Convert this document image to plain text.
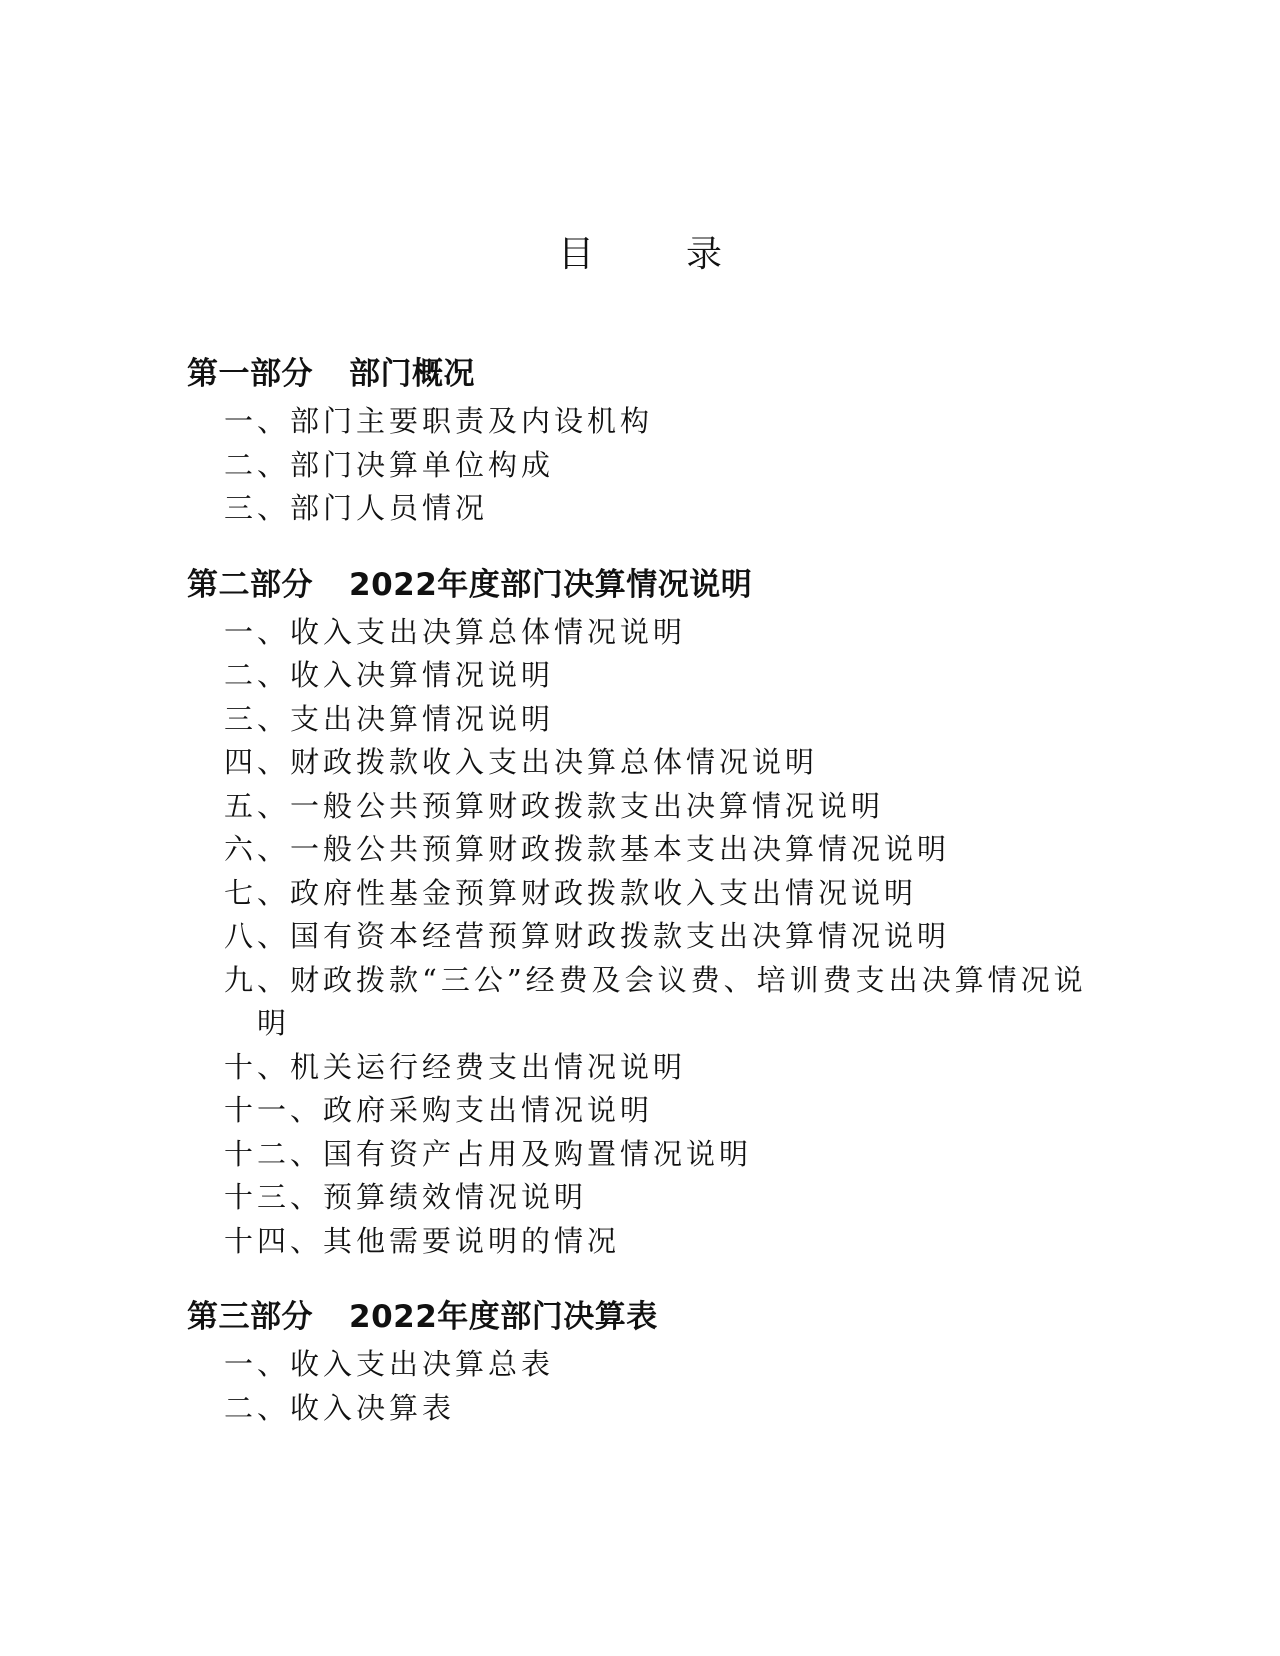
目　录
第一部分 部门概况
一、部门主要职责及内设机构
二、部门决算单位构成
三、部门人员情况
第二部分 2022年度部门决算情况说明
一、收入支出决算总体情况说明
二、收入决算情况说明
三、支出决算情况说明
四、财政拨款收入支出决算总体情况说明
五、一般公共预算财政拨款支出决算情况说明
六、一般公共预算财政拨款基本支出决算情况说明
七、政府性基金预算财政拨款收入支出情况说明
八、国有资本经营预算财政拨款支出决算情况说明
九、财政拨款“三公”经费及会议费、培训费支出决算情况说
明
十、机关运行经费支出情况说明
十一、政府采购支出情况说明
十二、国有资产占用及购置情况说明
十三、预算绩效情况说明
十四、其他需要说明的情况
第三部分 2022年度部门决算表
一、收入支出决算总表
二、收入决算表
